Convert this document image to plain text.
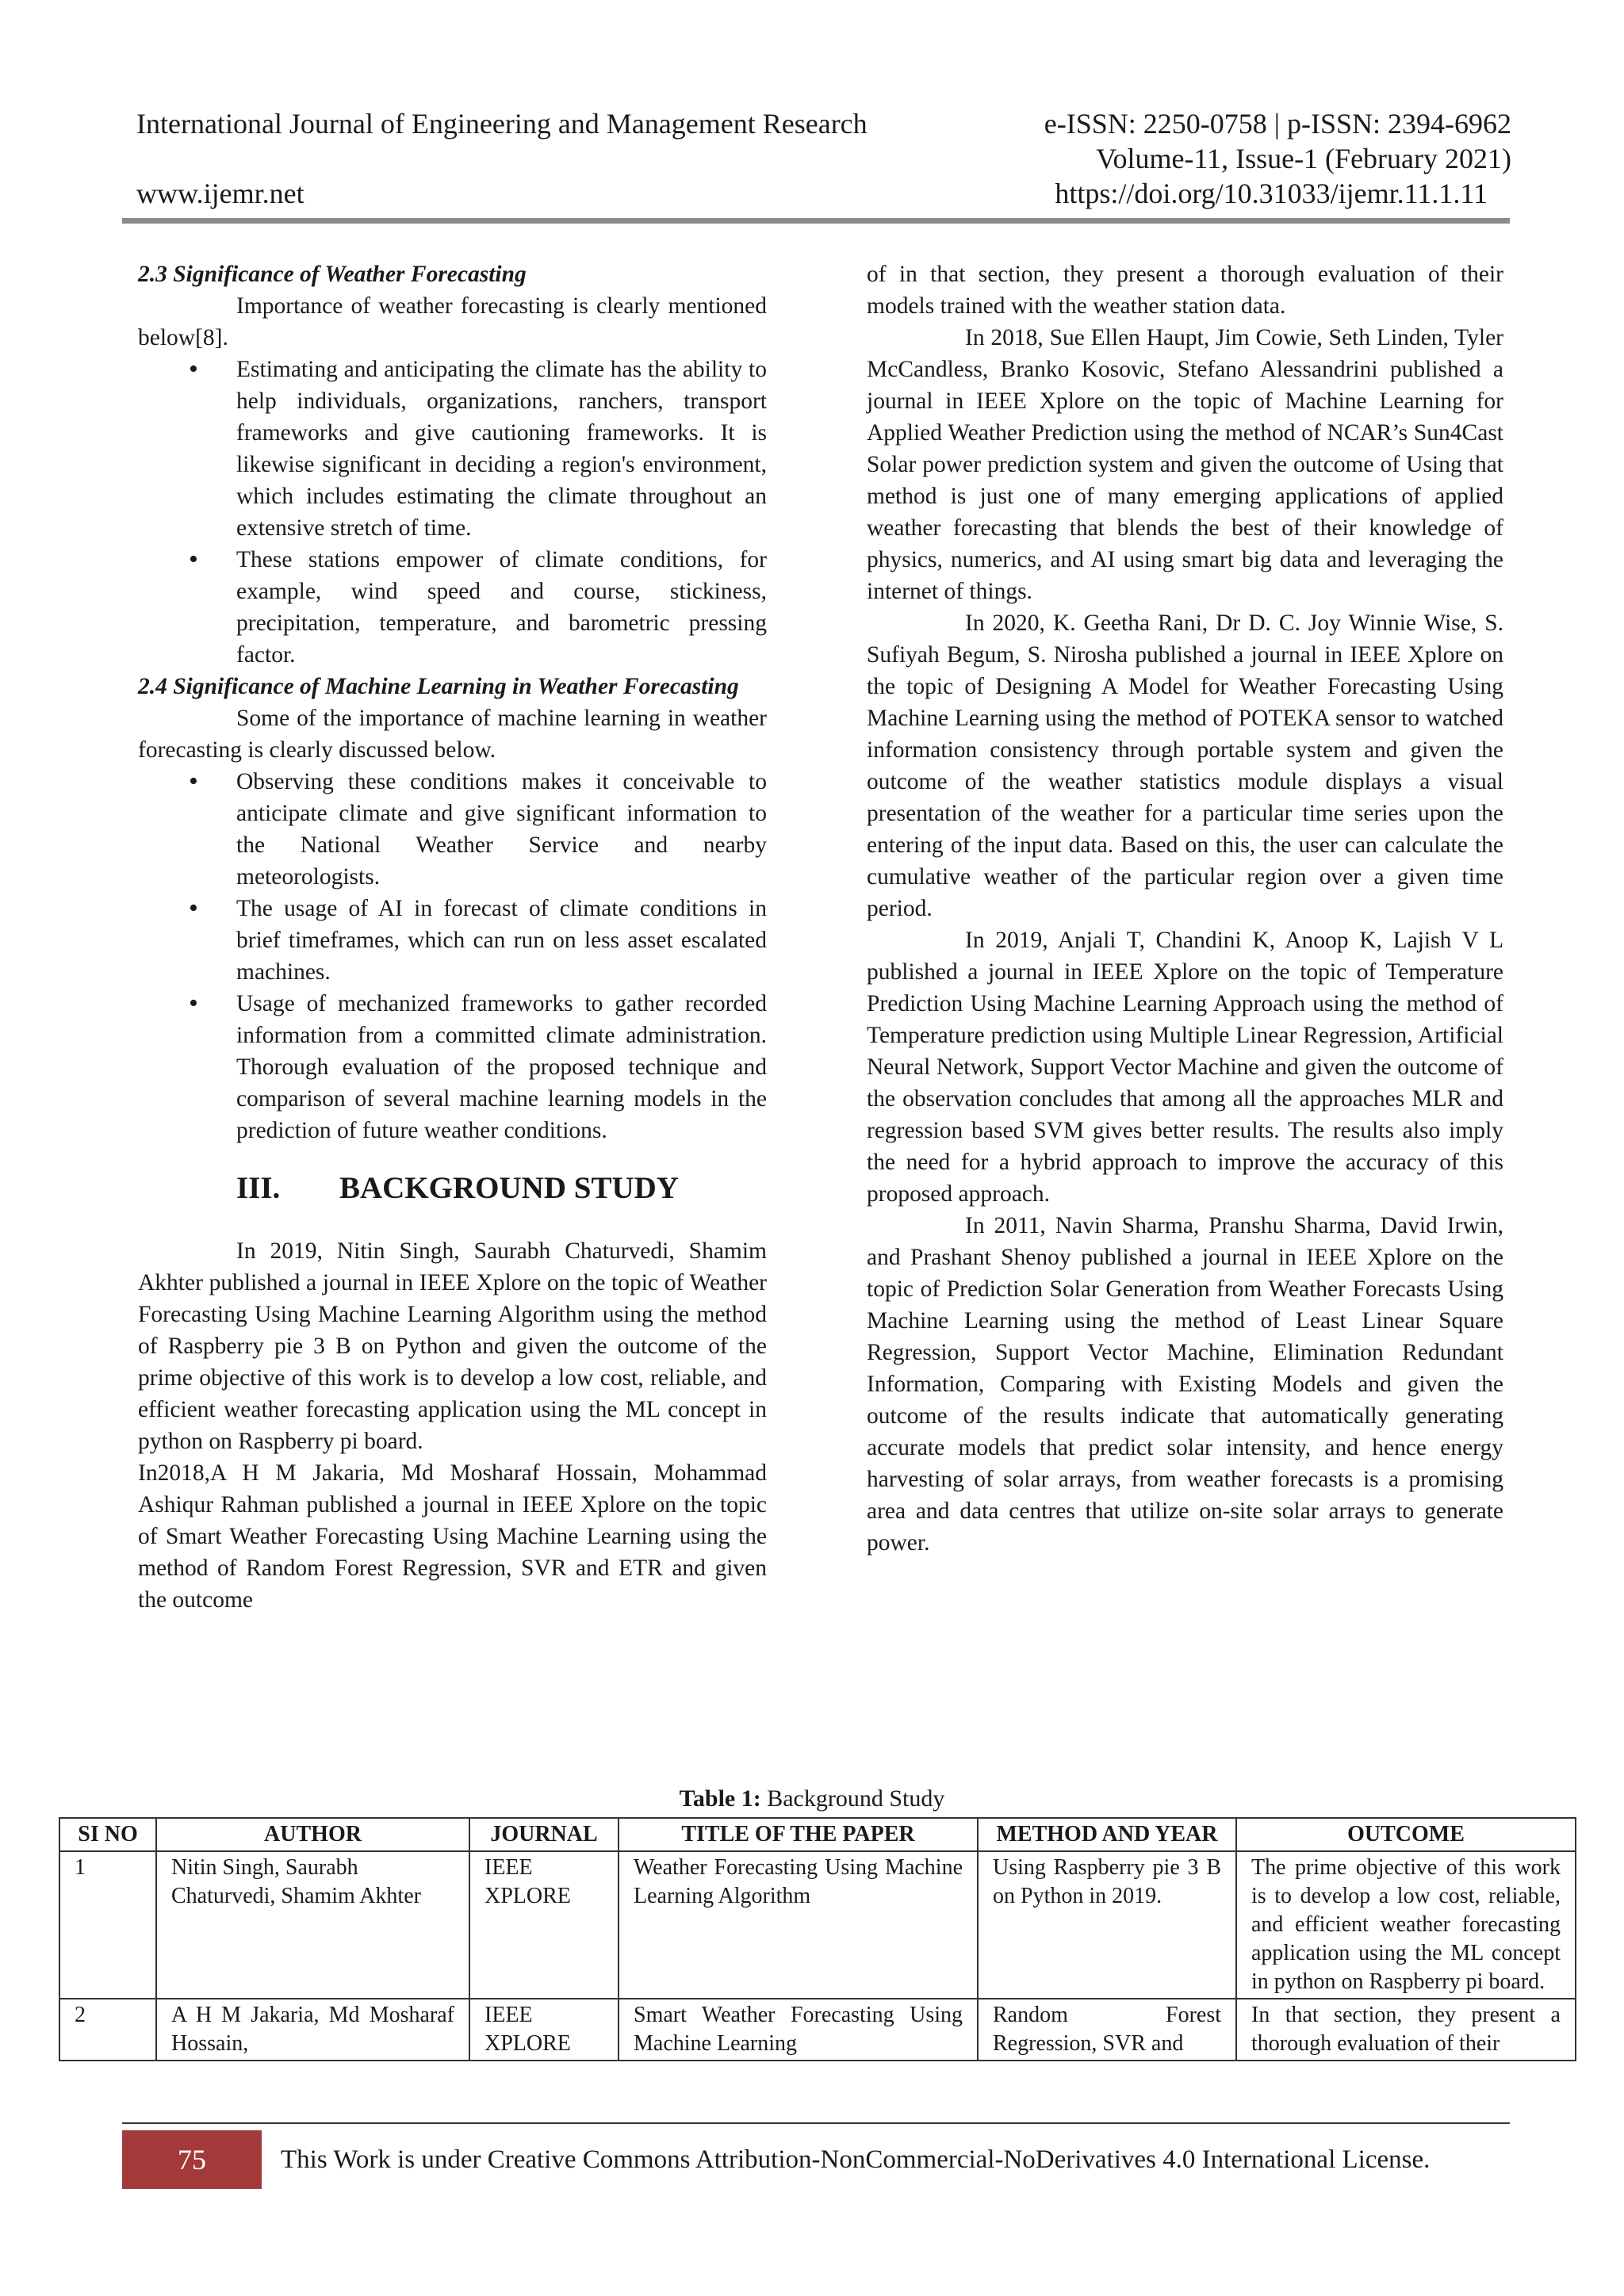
International Journal of Engineering and Management Research	e-ISSN: 2250-0758 | p-ISSN: 2394-6962
Volume-11, Issue-1 (February 2021)
www.ijemr.net	https://doi.org/10.31033/ijemr.11.1.11

2.3 Significance of Weather Forecasting

Importance of weather forecasting is clearly mentioned below[8].

• Estimating and anticipating the climate has the ability to help individuals, organizations, ranchers, transport frameworks and give cautioning frameworks. It is likewise significant in deciding a region's environment, which includes estimating the climate throughout an extensive stretch of time.
• These stations empower of climate conditions, for example, wind speed and course, stickiness, precipitation, temperature, and barometric pressing factor.

2.4 Significance of Machine Learning in Weather Forecasting

Some of the importance of machine learning in weather forecasting is clearly discussed below.

• Observing these conditions makes it conceivable to anticipate climate and give significant information to the National Weather Service and nearby meteorologists.
• The usage of AI in forecast of climate conditions in brief timeframes, which can run on less asset escalated machines.
• Usage of mechanized frameworks to gather recorded information from a committed climate administration. Thorough evaluation of the proposed technique and comparison of several machine learning models in the prediction of future weather conditions.
III. BACKGROUND STUDY

In 2019, Nitin Singh, Saurabh Chaturvedi, Shamim Akhter published a journal in IEEE Xplore on the topic of Weather Forecasting Using Machine Learning Algorithm using the method of Raspberry pie 3 B on Python and given the outcome of the prime objective of this work is to develop a low cost, reliable, and efficient weather forecasting application using the ML concept in python on Raspberry pi board.

In2018,A H M Jakaria, Md Mosharaf Hossain, Mohammad Ashiqur Rahman published a journal in IEEE Xplore on the topic of Smart Weather Forecasting Using Machine Learning using the method of Random Forest Regression, SVR and ETR and given the outcome

of in that section, they present a thorough evaluation of their models trained with the weather station data.

In 2018, Sue Ellen Haupt, Jim Cowie, Seth Linden, Tyler McCandless, Branko Kosovic, Stefano Alessandrini published a journal in IEEE Xplore on the topic of Machine Learning for Applied Weather Prediction using the method of NCAR’s Sun4Cast Solar power prediction system and given the outcome of Using that method is just one of many emerging applications of applied weather forecasting that blends the best of their knowledge of physics, numerics, and AI using smart big data and leveraging the internet of things.

In 2020, K. Geetha Rani, Dr D. C. Joy Winnie Wise, S. Sufiyah Begum, S. Nirosha published a journal in IEEE Xplore on the topic of Designing A Model for Weather Forecasting Using Machine Learning using the method of POTEKA sensor to watched information consistency through portable system and given the outcome of the weather statistics module displays a visual presentation of the weather for a particular time series upon the entering of the input data. Based on this, the user can calculate the cumulative weather of the particular region over a given time period.

In 2019, Anjali T, Chandini K, Anoop K, Lajish V L published a journal in IEEE Xplore on the topic of Temperature Prediction Using Machine Learning Approach using the method of Temperature prediction using Multiple Linear Regression, Artificial Neural Network, Support Vector Machine and given the outcome of the observation concludes that among all the approaches MLR and regression based SVM gives better results. The results also imply the need for a hybrid approach to improve the accuracy of this proposed approach.

In 2011, Navin Sharma, Pranshu Sharma, David Irwin, and Prashant Shenoy published a journal in IEEE Xplore on the topic of Prediction Solar Generation from Weather Forecasts Using Machine Learning using the method of Least Linear Square Regression, Support Vector Machine, Elimination Redundant Information, Comparing with Existing Models and given the outcome of the results indicate that automatically generating accurate models that predict solar intensity, and hence energy harvesting of solar arrays, from weather forecasts is a promising area and data centres that utilize on-site solar arrays to generate power.

Table 1: Background Study
SI NO	AUTHOR	JOURNAL	TITLE OF THE PAPER	METHOD AND YEAR	OUTCOME
1	Nitin Singh, Saurabh Chaturvedi, Shamim Akhter	IEEE XPLORE	Weather Forecasting Using Machine Learning Algorithm	Using Raspberry pie 3 B on Python in 2019.	The prime objective of this work is to develop a low cost, reliable, and efficient weather forecasting application using the ML concept in python on Raspberry pi board.
2	A H M Jakaria, Md Mosharaf Hossain,	IEEE XPLORE	Smart Weather Forecasting Using Machine Learning	Random Forest Regression, SVR and	In that section, they present a thorough evaluation of their
75	This Work is under Creative Commons Attribution-NonCommercial-NoDerivatives 4.0 International License.
